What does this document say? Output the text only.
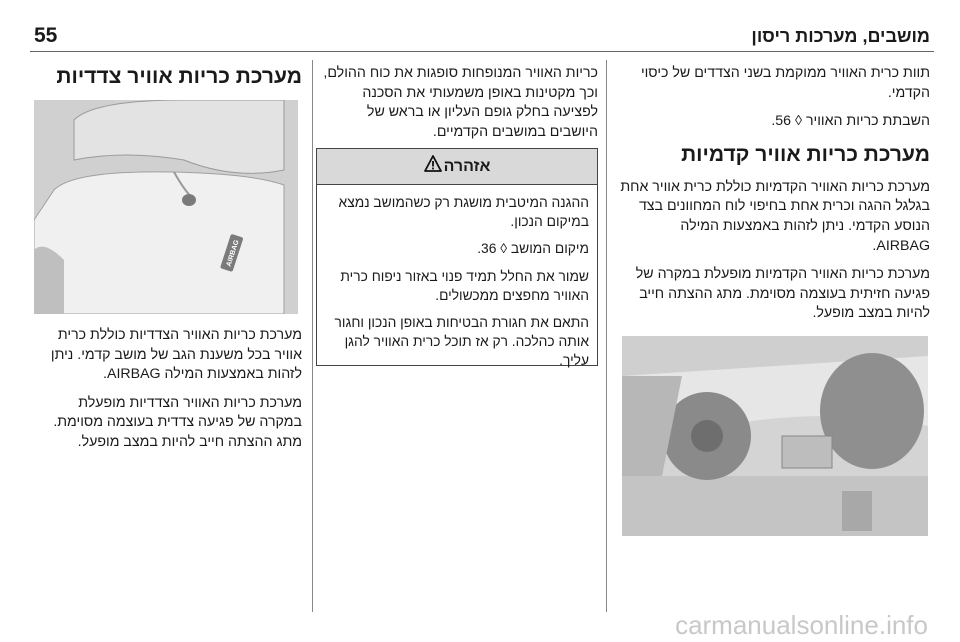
55	מושבים, מערכות ריסון

תוות כרית האוויר ממוקמת בשני הצדדים של כיסוי הקדמי.

השבתת כריות האוויר ◊ 56.

מערכת כריות אוויר קדמיות

מערכת כריות האוויר הקדמיות כוללת כרית אוויר אחת בגלגל ההגה וכרית אחת בחיפוי לוח המחוונים בצד הנוסע הקדמי. ניתן לזהות באמצעות המילה AIRBAG.

מערכת כריות האוויר הקדמיות מופעלת במקרה של פגיעה חזיתית בעוצמה מסוימת. מתג ההצתה חייב להיות במצב מופעל.

כריות האוויר המנופחות סופגות את כוח ההולם, וכך מקטינות באופן משמעותי את הסכנה לפציעה בחלק גופם העליון או בראש של היושבים במושבים הקדמיים.

אזהרה

ההגנה המיטבית מושגת רק כשהמושב נמצא במיקום הנכון.

מיקום המושב ◊ 36.

שמור את החלל תמיד פנוי באזור ניפוח כרית האוויר מחפצים ממכשולים.

התאם את חגורת הבטיחות באופן הנכון וחגור אותה כהלכה. רק אז תוכל כרית האוויר להגן עליך.

מערכת כריות אוויר צדדיות
AIRBAG

מערכת כריות האוויר הצדדיות כוללת כרית אוויר בכל משענת הגב של מושב קדמי. ניתן לזהות באמצעות המילה AIRBAG.

מערכת כריות האוויר הצדדיות מופעלת במקרה של פגיעה צדדית בעוצמה מסוימת. מתג ההצתה חייב להיות במצב מופעל.

carmanualsonline.info
